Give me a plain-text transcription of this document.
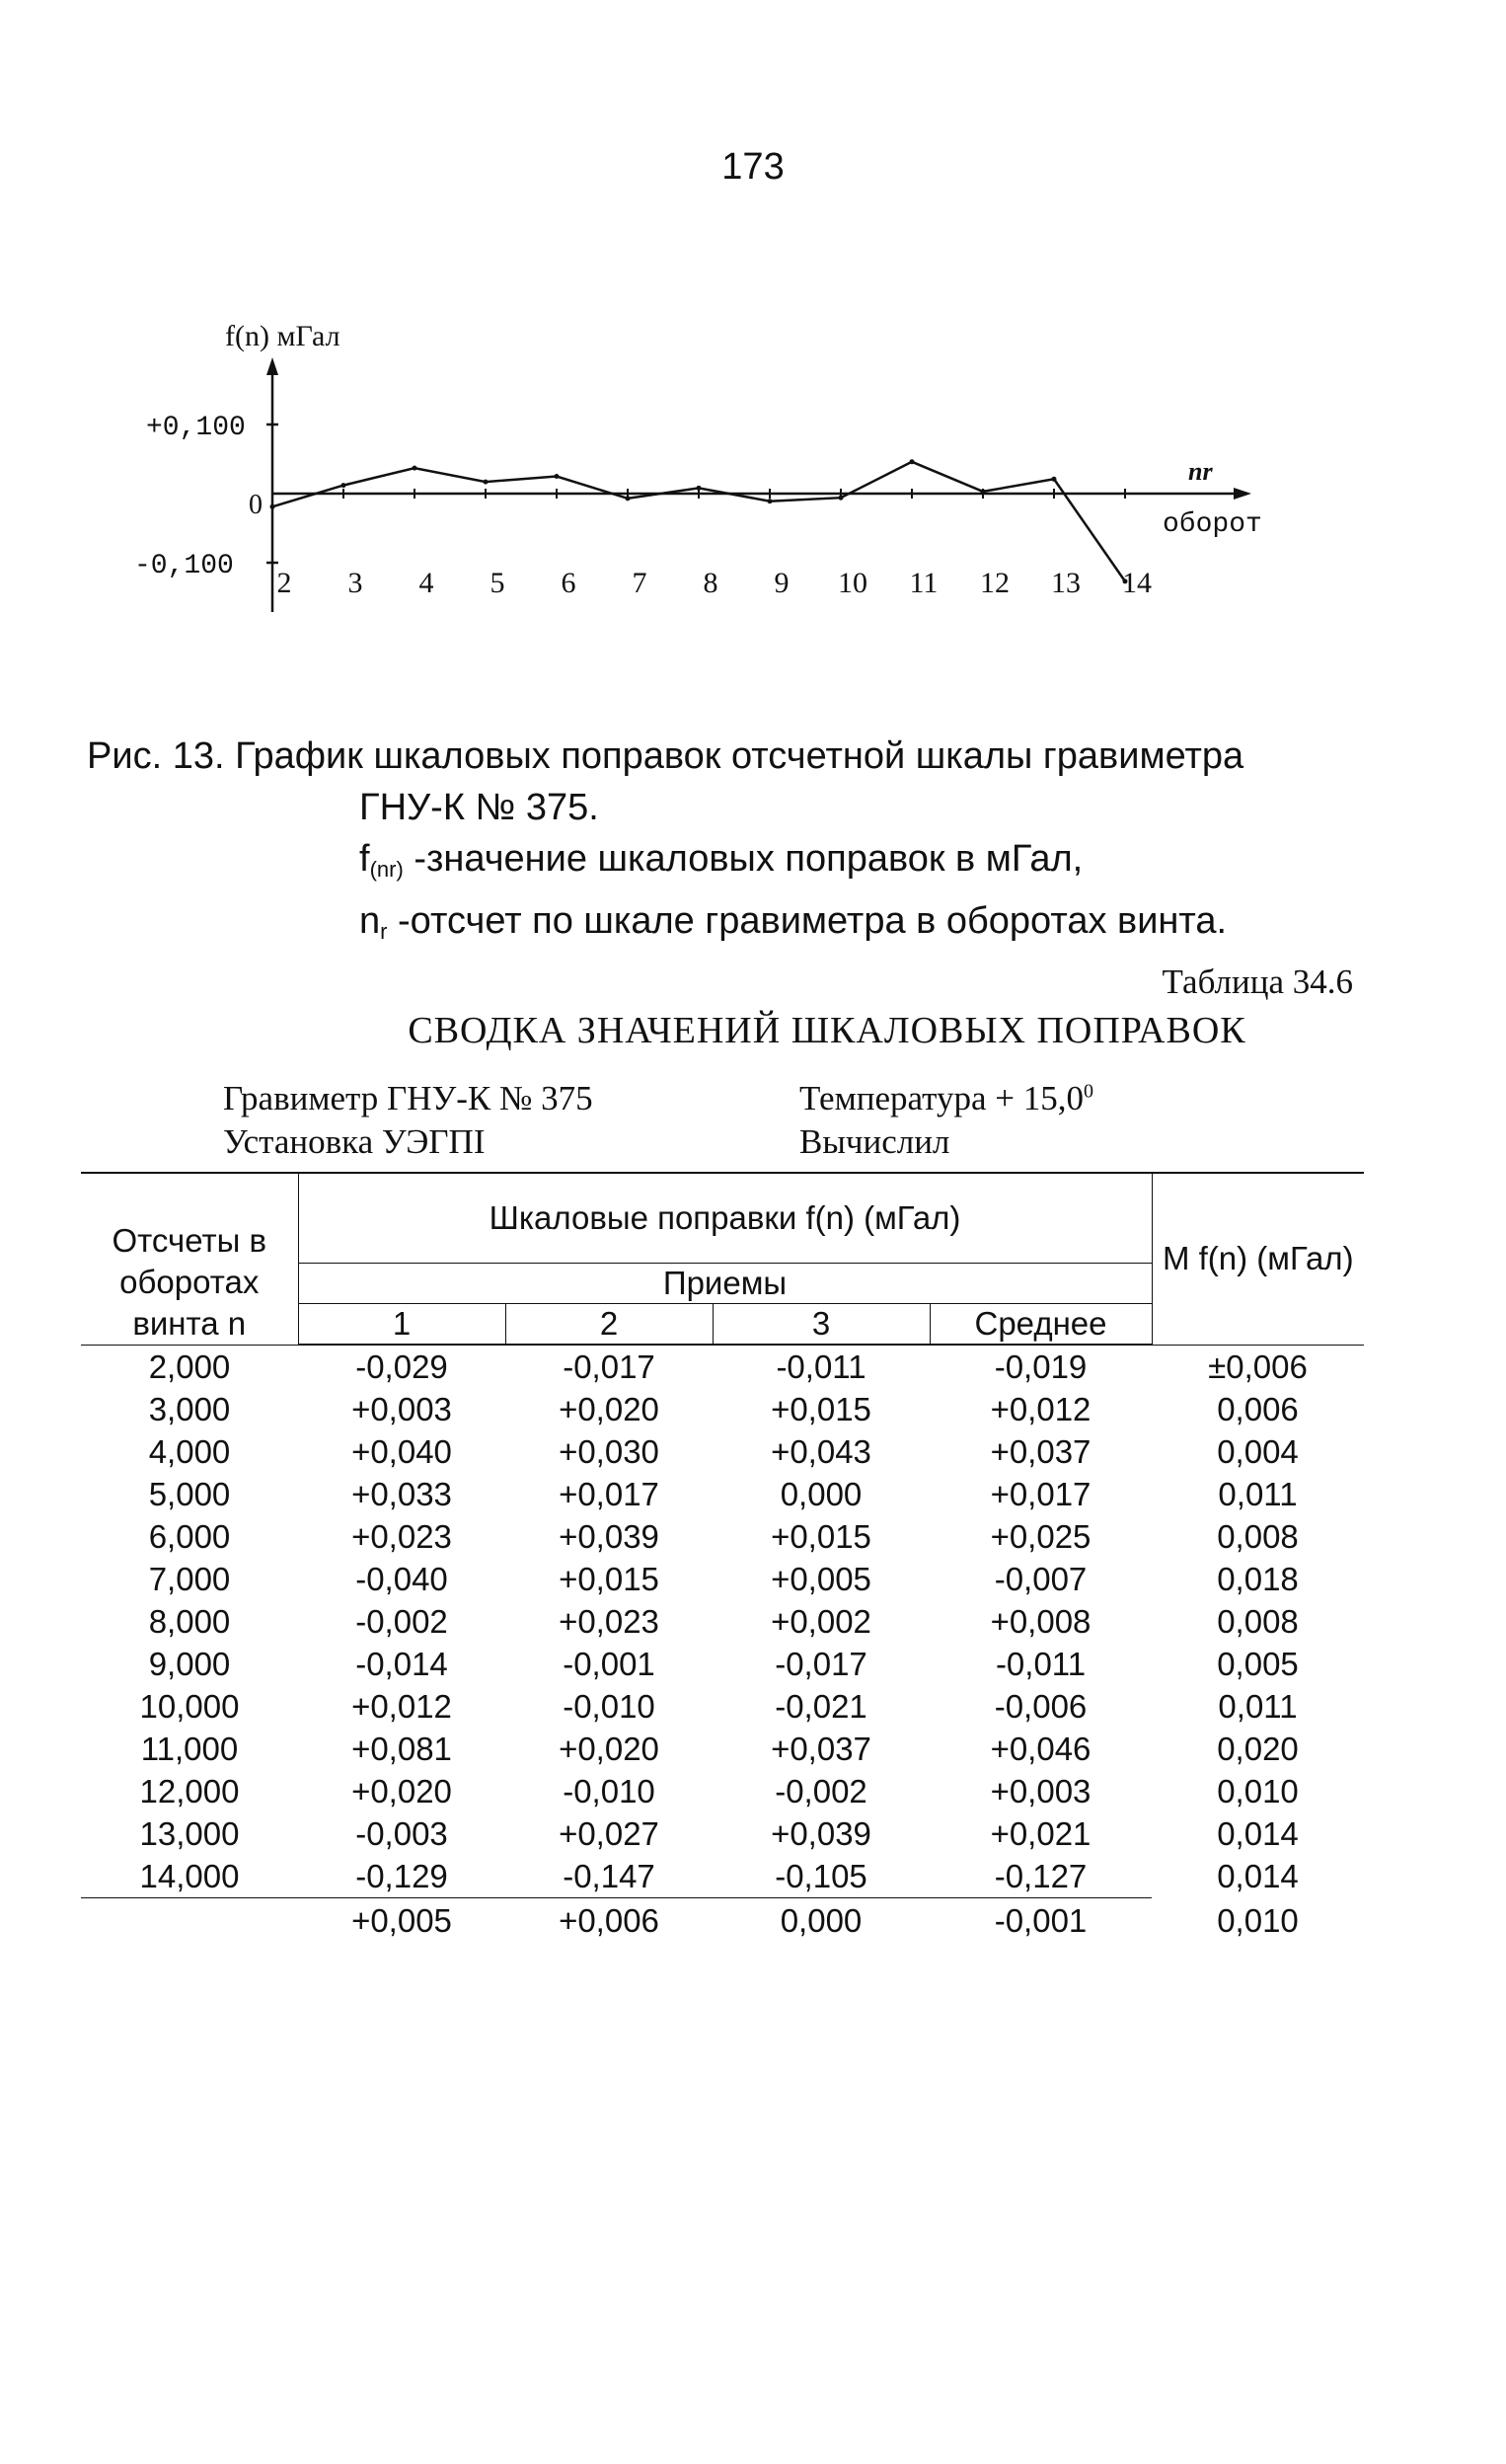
173
f(n) мГал
+0,100
0
-0,100
nr
оборот
2 3 4 5 6 7 8 9 10 11 12 13 14
Рис. 13. График шкаловых поправок отсчетной шкалы гравиметра
ГНУ-К № 375.
$f_{(nr)}$ -значение шкаловых поправок в мГал,
$n_r$ -отсчет по шкале гравиметра в оборотах винта.
Таблица 34.6
СВОДКА ЗНАЧЕНИЙ ШКАЛОВЫХ ПОПРАВОК
Гравиметр ГНУ-К № 375
Установка УЭГПI
Температура + $15,0^0$
Вычислил
Отсчеты в оборотах винта n	Шкаловые поправки f(n) (мГал)				M f(n) (мГал)
	Приемы				
	1	2	3	Среднее	
2,000	-0,029	-0,017	-0,011	-0,019	±0,006
3,000	+0,003	+0,020	+0,015	+0,012	0,006
4,000	+0,040	+0,030	+0,043	+0,037	0,004
5,000	+0,033	+0,017	0,000	+0,017	0,011
6,000	+0,023	+0,039	+0,015	+0,025	0,008
7,000	-0,040	+0,015	+0,005	-0,007	0,018
8,000	-0,002	+0,023	+0,002	+0,008	0,008
9,000	-0,014	-0,001	-0,017	-0,011	0,005
10,000	+0,012	-0,010	-0,021	-0,006	0,011
11,000	+0,081	+0,020	+0,037	+0,046	0,020
12,000	+0,020	-0,010	-0,002	+0,003	0,010
13,000	-0,003	+0,027	+0,039	+0,021	0,014
14,000	-0,129	-0,147	-0,105	-0,127	0,014
	+0,005	+0,006	0,000	-0,001	0,010
